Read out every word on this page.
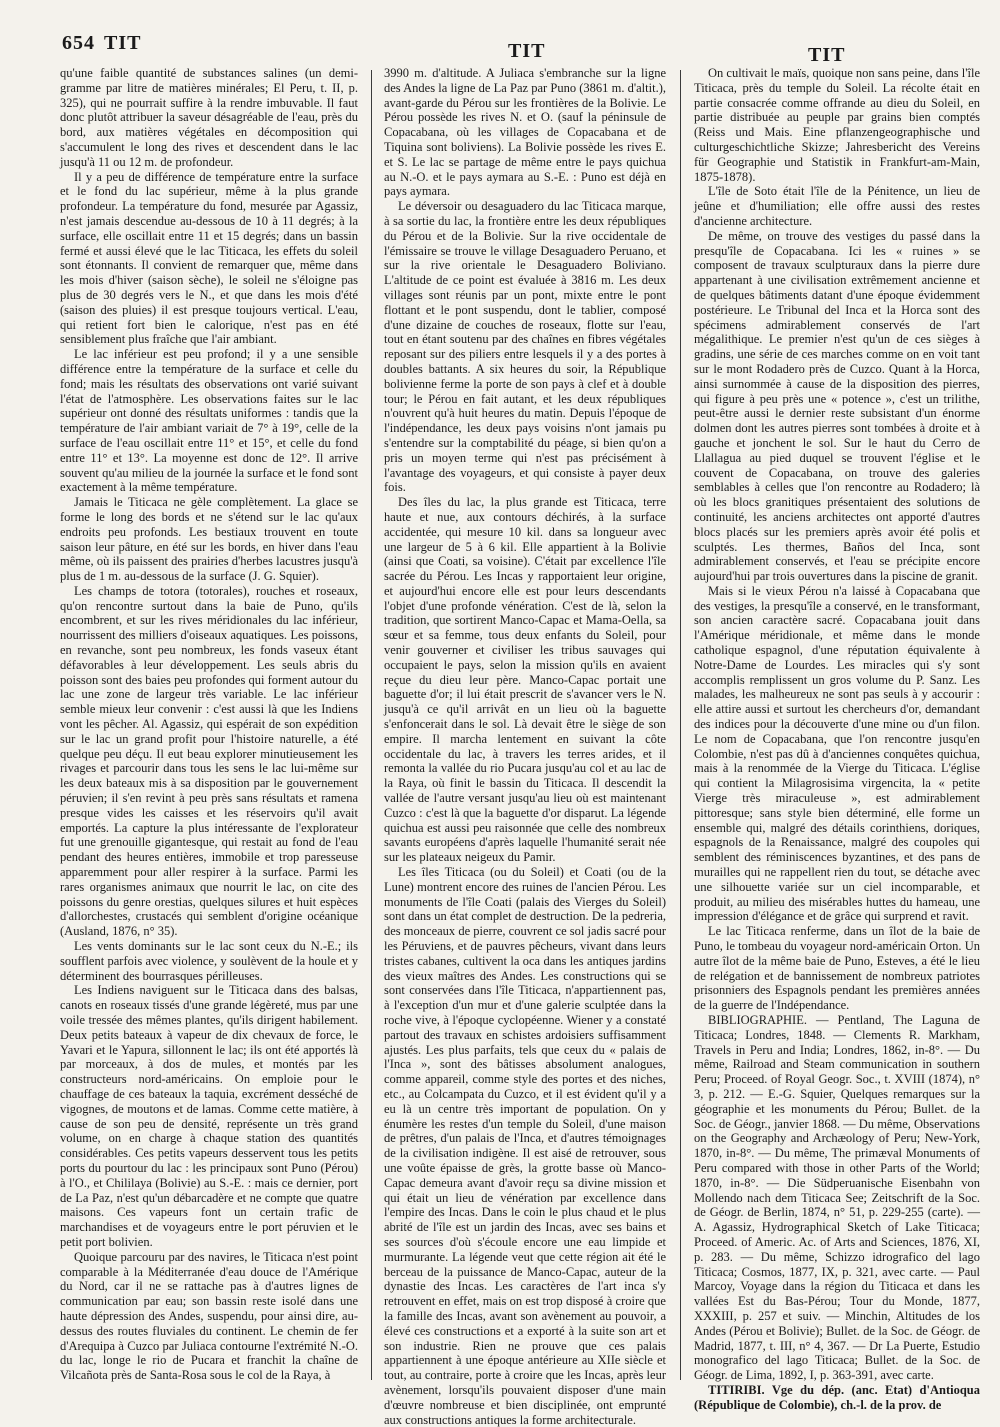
654 TIT	TIT	TIT

qu'une faible quantité de substances salines (un demi-gramme par litre de matières minérales; El Peru, t. II, p. 325), qui ne pourrait suffire à la rendre imbuvable. Il faut donc plutôt attribuer la saveur désagréable de l'eau, près du bord, aux matières végétales en décomposition qui s'accumulent le long des rives et descendent dans le lac jusqu'à 11 ou 12 m. de profondeur.

Il y a peu de différence de température entre la surface et le fond du lac supérieur, même à la plus grande profondeur. La température du fond, mesurée par Agassiz, n'est jamais descendue au-dessous de 10 à 11 degrés; à la surface, elle oscillait entre 11 et 15 degrés; dans un bassin fermé et aussi élevé que le lac Titicaca, les effets du soleil sont étonnants. Il convient de remarquer que, même dans les mois d'hiver (saison sèche), le soleil ne s'éloigne pas plus de 30 degrés vers le N., et que dans les mois d'été (saison des pluies) il est presque toujours vertical. L'eau, qui retient fort bien le calorique, n'est pas en été sensiblement plus fraîche que l'air ambiant.

Le lac inférieur est peu profond; il y a une sensible différence entre la température de la surface et celle du fond; mais les résultats des observations ont varié suivant l'état de l'atmosphère. Les observations faites sur le lac supérieur ont donné des résultats uniformes : tandis que la température de l'air ambiant variait de 7° à 19°, celle de la surface de l'eau oscillait entre 11° et 15°, et celle du fond entre 11° et 13°. La moyenne est donc de 12°. Il arrive souvent qu'au milieu de la journée la surface et le fond sont exactement à la même température.

Jamais le Titicaca ne gèle complètement. La glace se forme le long des bords et ne s'étend sur le lac qu'aux endroits peu profonds. Les bestiaux trouvent en toute saison leur pâture, en été sur les bords, en hiver dans l'eau même, où ils paissent des prairies d'herbes lacustres jusqu'à plus de 1 m. au-dessous de la surface (J. G. Squier).

Les champs de totora (totorales), rouches et roseaux, qu'on rencontre surtout dans la baie de Puno, qu'ils encombrent, et sur les rives méridionales du lac inférieur, nourrissent des milliers d'oiseaux aquatiques. Les poissons, en revanche, sont peu nombreux, les fonds vaseux étant défavorables à leur développement. Les seuls abris du poisson sont des baies peu profondes qui forment autour du lac une zone de largeur très variable. Le lac inférieur semble mieux leur convenir : c'est aussi là que les Indiens vont les pêcher. Al. Agassiz, qui espérait de son expédition sur le lac un grand profit pour l'histoire naturelle, a été quelque peu déçu. Il eut beau explorer minutieusement les rivages et parcourir dans tous les sens le lac lui-même sur les deux bateaux mis à sa disposition par le gouvernement péruvien; il s'en revint à peu près sans résultats et ramena presque vides les caisses et les réservoirs qu'il avait emportés. La capture la plus intéressante de l'explorateur fut une grenouille gigantesque, qui restait au fond de l'eau pendant des heures entières, immobile et trop paresseuse apparemment pour aller respirer à la surface. Parmi les rares organismes animaux que nourrit le lac, on cite des poissons du genre orestias, quelques silures et huit espèces d'allorchestes, crustacés qui semblent d'origine océanique (Ausland, 1876, n° 35).

Les vents dominants sur le lac sont ceux du N.-E.; ils soufflent parfois avec violence, y soulèvent de la houle et y déterminent des bourrasques périlleuses.

Les Indiens naviguent sur le Titicaca dans des balsas, canots en roseaux tissés d'une grande légèreté, mus par une voile tressée des mêmes plantes, qu'ils dirigent habilement. Deux petits bateaux à vapeur de dix chevaux de force, le Yavari et le Yapura, sillonnent le lac; ils ont été apportés là par morceaux, à dos de mules, et montés par les constructeurs nord-américains. On emploie pour le chauffage de ces bateaux la taquia, excrément desséché de vigognes, de moutons et de lamas. Comme cette matière, à cause de son peu de densité, représente un très grand volume, on en charge à chaque station des quantités considérables. Ces petits vapeurs desservent tous les petits ports du pourtour du lac : les principaux sont Puno (Pérou) à l'O., et Chililaya (Bolivie) au S.-E. : mais ce dernier, port de La Paz, n'est qu'un débarcadère et ne compte que quatre maisons. Ces vapeurs font un certain trafic de marchandises et de voyageurs entre le port péruvien et le petit port bolivien.

Quoique parcouru par des navires, le Titicaca n'est point comparable à la Méditerranée d'eau douce de l'Amérique du Nord, car il ne se rattache pas à d'autres lignes de communication par eau; son bassin reste isolé dans une haute dépression des Andes, suspendu, pour ainsi dire, au-dessus des routes fluviales du continent. Le chemin de fer d'Arequipa à Cuzco par Juliaca contourne l'extrémité N.-O. du lac, longe le rio de Pucara et franchit la chaîne de Vilcañota près de Santa-Rosa sous le col de la Raya, à

3990 m. d'altitude. A Juliaca s'embranche sur la ligne des Andes la ligne de La Paz par Puno (3861 m. d'altit.), avant-garde du Pérou sur les frontières de la Bolivie. Le Pérou possède les rives N. et O. (sauf la péninsule de Copacabana, où les villages de Copacabana et de Tiquina sont boliviens). La Bolivie possède les rives E. et S. Le lac se partage de même entre le pays quichua au N.-O. et le pays aymara au S.-E. : Puno est déjà en pays aymara.

Le déversoir ou desaguadero du lac Titicaca marque, à sa sortie du lac, la frontière entre les deux républiques du Pérou et de la Bolivie. Sur la rive occidentale de l'émissaire se trouve le village Desaguadero Peruano, et sur la rive orientale le Desaguadero Boliviano. L'altitude de ce point est évaluée à 3816 m. Les deux villages sont réunis par un pont, mixte entre le pont flottant et le pont suspendu, dont le tablier, composé d'une dizaine de couches de roseaux, flotte sur l'eau, tout en étant soutenu par des chaînes en fibres végétales reposant sur des piliers entre lesquels il y a des portes à doubles battants. A six heures du soir, la République bolivienne ferme la porte de son pays à clef et à double tour; le Pérou en fait autant, et les deux républiques n'ouvrent qu'à huit heures du matin. Depuis l'époque de l'indépendance, les deux pays voisins n'ont jamais pu s'entendre sur la comptabilité du péage, si bien qu'on a pris un moyen terme qui n'est pas précisément à l'avantage des voyageurs, et qui consiste à payer deux fois.

Des îles du lac, la plus grande est Titicaca, terre haute et nue, aux contours déchirés, à la surface accidentée, qui mesure 10 kil. dans sa longueur avec une largeur de 5 à 6 kil. Elle appartient à la Bolivie (ainsi que Coati, sa voisine). C'était par excellence l'île sacrée du Pérou. Les Incas y rapportaient leur origine, et aujourd'hui encore elle est pour leurs descendants l'objet d'une profonde vénération. C'est de là, selon la tradition, que sortirent Manco-Capac et Mama-Oella, sa sœur et sa femme, tous deux enfants du Soleil, pour venir gouverner et civiliser les tribus sauvages qui occupaient le pays, selon la mission qu'ils en avaient reçue du dieu leur père. Manco-Capac portait une baguette d'or; il lui était prescrit de s'avancer vers le N. jusqu'à ce qu'il arrivât en un lieu où la baguette s'enfoncerait dans le sol. Là devait être le siège de son empire. Il marcha lentement en suivant la côte occidentale du lac, à travers les terres arides, et il remonta la vallée du rio Pucara jusqu'au col et au lac de la Raya, où finit le bassin du Titicaca. Il descendit la vallée de l'autre versant jusqu'au lieu où est maintenant Cuzco : c'est là que la baguette d'or disparut. La légende quichua est aussi peu raisonnée que celle des nombreux savants européens d'après laquelle l'humanité serait née sur les plateaux neigeux du Pamir.

Les îles Titicaca (ou du Soleil) et Coati (ou de la Lune) montrent encore des ruines de l'ancien Pérou. Les monuments de l'île Coati (palais des Vierges du Soleil) sont dans un état complet de destruction. De la pedreria, des monceaux de pierre, couvrent ce sol jadis sacré pour les Péruviens, et de pauvres pêcheurs, vivant dans leurs tristes cabanes, cultivent la oca dans les antiques jardins des vieux maîtres des Andes. Les constructions qui se sont conservées dans l'île Titicaca, n'appartiennent pas, à l'exception d'un mur et d'une galerie sculptée dans la roche vive, à l'époque cyclopéenne. Wiener y a constaté partout des travaux en schistes ardoisiers suffisamment ajustés. Les plus parfaits, tels que ceux du « palais de l'Inca », sont des bâtisses absolument analogues, comme appareil, comme style des portes et des niches, etc., au Colcampata du Cuzco, et il est évident qu'il y a eu là un centre très important de population. On y énumère les restes d'un temple du Soleil, d'une maison de prêtres, d'un palais de l'Inca, et d'autres témoignages de la civilisation indigène. Il est aisé de retrouver, sous une voûte épaisse de grès, la grotte basse où Manco-Capac demeura avant d'avoir reçu sa divine mission et qui était un lieu de vénération par excellence dans l'empire des Incas. Dans le coin le plus chaud et le plus abrité de l'île est un jardin des Incas, avec ses bains et ses sources d'où s'écoule encore une eau limpide et murmurante. La légende veut que cette région ait été le berceau de la puissance de Manco-Capac, auteur de la dynastie des Incas. Les caractères de l'art inca s'y retrouvent en effet, mais on est trop disposé à croire que la famille des Incas, avant son avènement au pouvoir, a élevé ces constructions et a exporté à la suite son art et son industrie. Rien ne prouve que ces palais appartiennent à une époque antérieure au XIIe siècle et tout, au contraire, porte à croire que les Incas, après leur avènement, lorsqu'ils pouvaient disposer d'une main d'œuvre nombreuse et bien disciplinée, ont emprunté aux constructions antiques la forme architecturale.

On cultivait le maïs, quoique non sans peine, dans l'île Titicaca, près du temple du Soleil. La récolte était en partie consacrée comme offrande au dieu du Soleil, en partie distribuée au peuple par grains bien comptés (Reiss und Mais. Eine pflanzengeographische und culturgeschichtliche Skizze; Jahresbericht des Vereins für Geographie und Statistik in Frankfurt-am-Main, 1875-1878).

L'île de Soto était l'île de la Pénitence, un lieu de jeûne et d'humiliation; elle offre aussi des restes d'ancienne architecture.

De même, on trouve des vestiges du passé dans la presqu'île de Copacabana. Ici les « ruines » se composent de travaux sculpturaux dans la pierre dure appartenant à une civilisation extrêmement ancienne et de quelques bâtiments datant d'une époque évidemment postérieure. Le Tribunal del Inca et la Horca sont des spécimens admirablement conservés de l'art mégalithique. Le premier n'est qu'un de ces sièges à gradins, une série de ces marches comme on en voit tant sur le mont Rodadero près de Cuzco. Quant à la Horca, ainsi surnommée à cause de la disposition des pierres, qui figure à peu près une « potence », c'est un trilithe, peut-être aussi le dernier reste subsistant d'un énorme dolmen dont les autres pierres sont tombées à droite et à gauche et jonchent le sol. Sur le haut du Cerro de Llallagua au pied duquel se trouvent l'église et le couvent de Copacabana, on trouve des galeries semblables à celles que l'on rencontre au Rodadero; là où les blocs granitiques présentaient des solutions de continuité, les anciens architectes ont apporté d'autres blocs placés sur les premiers après avoir été polis et sculptés. Les thermes, Baños del Inca, sont admirablement conservés, et l'eau se précipite encore aujourd'hui par trois ouvertures dans la piscine de granit.

Mais si le vieux Pérou n'a laissé à Copacabana que des vestiges, la presqu'île a conservé, en le transformant, son ancien caractère sacré. Copacabana jouit dans l'Amérique méridionale, et même dans le monde catholique espagnol, d'une réputation équivalente à Notre-Dame de Lourdes. Les miracles qui s'y sont accomplis remplissent un gros volume du P. Sanz. Les malades, les malheureux ne sont pas seuls à y accourir : elle attire aussi et surtout les chercheurs d'or, demandant des indices pour la découverte d'une mine ou d'un filon. Le nom de Copacabana, que l'on rencontre jusqu'en Colombie, n'est pas dû à d'anciennes conquêtes quichua, mais à la renommée de la Vierge du Titicaca. L'église qui contient la Milagrosisima virgencita, la « petite Vierge très miraculeuse », est admirablement pittoresque; sans style bien déterminé, elle forme un ensemble qui, malgré des détails corinthiens, doriques, espagnols de la Renaissance, malgré des coupoles qui semblent des réminiscences byzantines, et des pans de murailles qui ne rappellent rien du tout, se détache avec une silhouette variée sur un ciel incomparable, et produit, au milieu des misérables huttes du hameau, une impression d'élégance et de grâce qui surprend et ravit.

Le lac Titicaca renferme, dans un îlot de la baie de Puno, le tombeau du voyageur nord-américain Orton. Un autre îlot de la même baie de Puno, Esteves, a été le lieu de relégation et de bannissement de nombreux patriotes prisonniers des Espagnols pendant les premières années de la guerre de l'Indépendance.

BIBLIOGRAPHIE. — Pentland, The Laguna de Titicaca; Londres, 1848. — Clements R. Markham, Travels in Peru and India; Londres, 1862, in-8°. — Du même, Railroad and Steam communication in southern Peru; Proceed. of Royal Geogr. Soc., t. XVIII (1874), n° 3, p. 212. — E.-G. Squier, Quelques remarques sur la géographie et les monuments du Pérou; Bullet. de la Soc. de Géogr., janvier 1868. — Du même, Observations on the Geography and Archæology of Peru; New-York, 1870, in-8°. — Du même, The primæval Monuments of Peru compared with those in other Parts of the World; 1870, in-8°. — Die Südperuanische Eisenbahn von Mollendo nach dem Titicaca See; Zeitschrift de la Soc. de Géogr. de Berlin, 1874, n° 51, p. 229-255 (carte). — A. Agassiz, Hydrographical Sketch of Lake Titicaca; Proceed. of Americ. Ac. of Arts and Sciences, 1876, XI, p. 283. — Du même, Schizzo idrografico del lago Titicaca; Cosmos, 1877, IX, p. 321, avec carte. — Paul Marcoy, Voyage dans la région du Titicaca et dans les vallées Est du Bas-Pérou; Tour du Monde, 1877, XXXIII, p. 257 et suiv. — Minchin, Altitudes de los Andes (Pérou et Bolivie); Bullet. de la Soc. de Géogr. de Madrid, 1877, t. III, n° 4, 367. — Dr La Puerte, Estudio monografico del lago Titicaca; Bullet. de la Soc. de Géogr. de Lima, 1892, I, p. 363-391, avec carte.

TITIRIBI. Vge du dép. (anc. Etat) d'Antioqua (République de Colombie), ch.-l. de la prov. de
